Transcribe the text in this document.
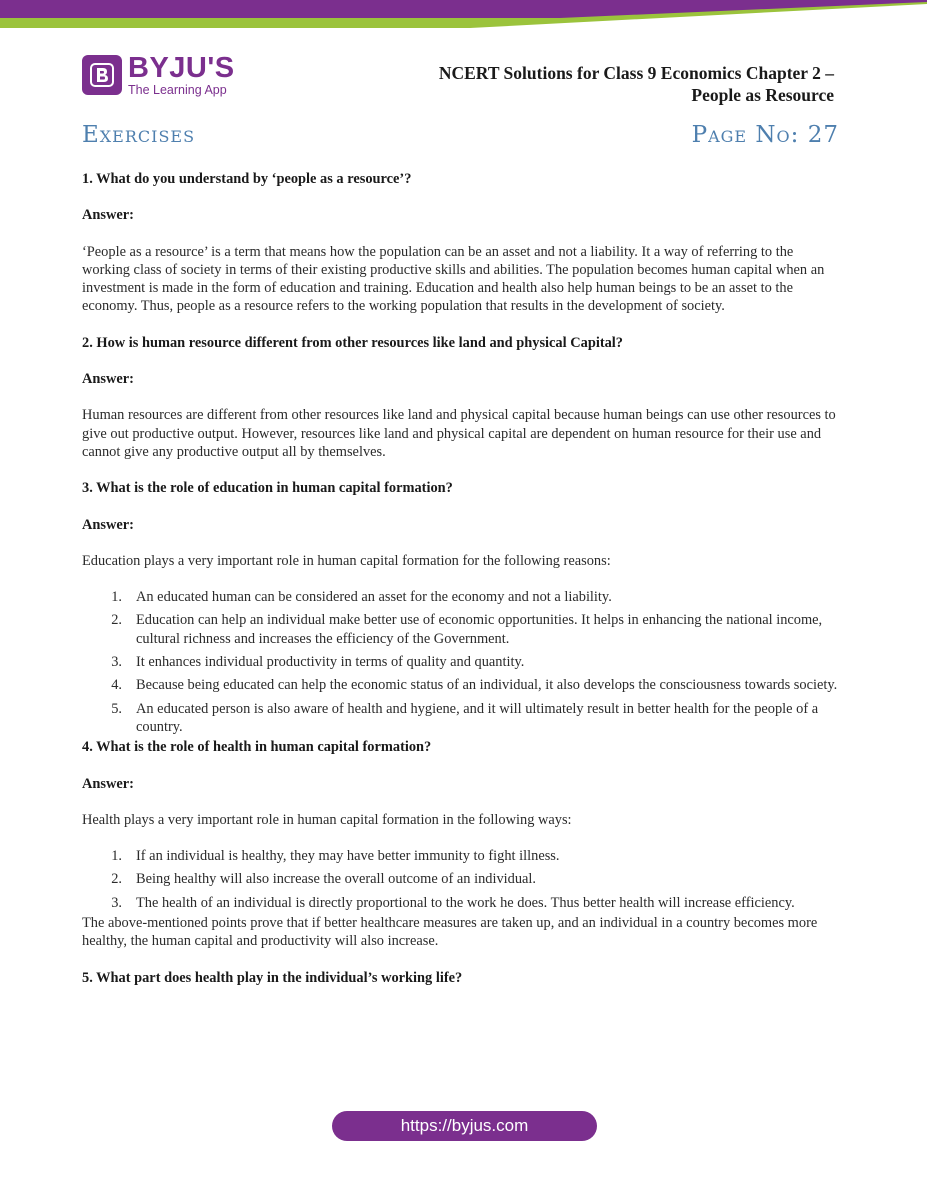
BYJU'S
The Learning App
NCERT Solutions for Class 9 Economics Chapter 2 –
People as Resource
Exercises	Page No: 27
1. What do you understand by ‘people as a resource’?
Answer:
‘People as a resource’ is a term that means how the population can be an asset and not a liability. It a way of referring to the working class of society in terms of their existing productive skills and abilities. The population becomes human capital when an investment is made in the form of education and training. Education and health also help human beings to be an asset to the economy. Thus, people as a resource refers to the working population that results in the development of society.
2. How is human resource different from other resources like land and physical Capital?
Answer:
Human resources are different from other resources like land and physical capital because human beings can use other resources to give out productive output. However, resources like land and physical capital are dependent on human resource for their use and cannot give any productive output all by themselves.
3. What is the role of education in human capital formation?
Answer:
Education plays a very important role in human capital formation for the following reasons:
1. An educated human can be considered an asset for the economy and not a liability.
2. Education can help an individual make better use of economic opportunities. It helps in enhancing the national income, cultural richness and increases the efficiency of the Government.
3. It enhances individual productivity in terms of quality and quantity.
4. Because being educated can help the economic status of an individual, it also develops the consciousness towards society.
5. An educated person is also aware of health and hygiene, and it will ultimately result in better health for the people of a country.
4. What is the role of health in human capital formation?
Answer:
Health plays a very important role in human capital formation in the following ways:
1. If an individual is healthy, they may have better immunity to fight illness.
2. Being healthy will also increase the overall outcome of an individual.
3. The health of an individual is directly proportional to the work he does. Thus better health will increase efficiency.
The above-mentioned points prove that if better healthcare measures are taken up, and an individual in a country becomes more healthy, the human capital and productivity will also increase.
5. What part does health play in the individual’s working life?
https://byjus.com
